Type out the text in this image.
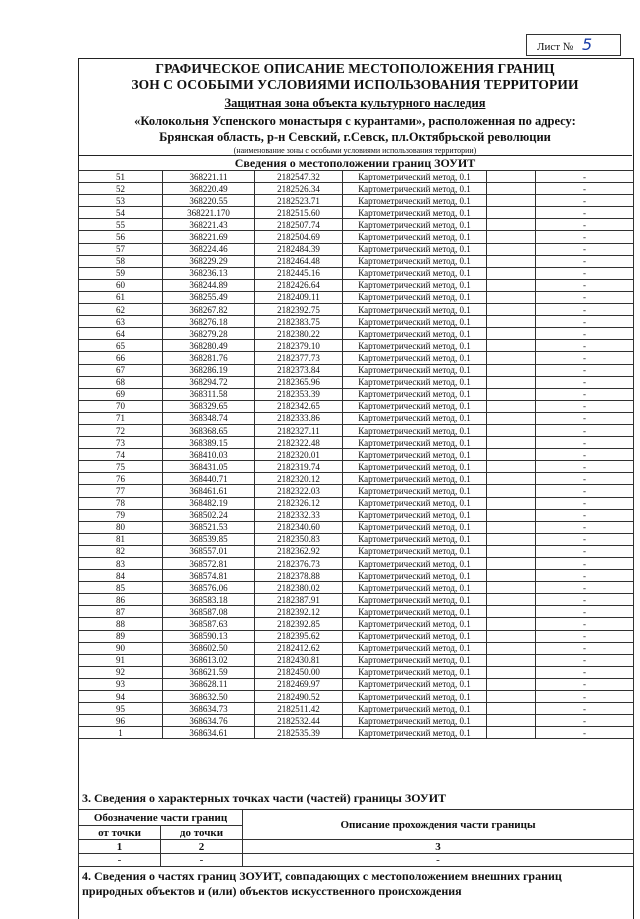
Лист № 5
ГРАФИЧЕСКОЕ ОПИСАНИЕ МЕСТОПОЛОЖЕНИЯ ГРАНИЦ
ЗОН С ОСОБЫМИ УСЛОВИЯМИ ИСПОЛЬЗОВАНИЯ ТЕРРИТОРИИ
Защитная зона объекта культурного наследия
«Колокольня Успенского монастыря с курантами», расположенная по адресу:
Брянская область, р-н Севский, г.Севск, пл.Октябрьской революции
(наименование зоны с особыми условиями использования территории)
Сведения о местоположении границ ЗОУИТ
51	368221.11	2182547.32	Картометрический метод, 0.1		-
52	368220.49	2182526.34	Картометрический метод, 0.1		-
53	368220.55	2182523.71	Картометрический метод, 0.1		-
54	368221.170	2182515.60	Картометрический метод, 0.1		-
55	368221.43	2182507.74	Картометрический метод, 0.1		-
56	368221.69	2182504.69	Картометрический метод, 0.1		-
57	368224.46	2182484.39	Картометрический метод, 0.1		-
58	368229.29	2182464.48	Картометрический метод, 0.1		-
59	368236.13	2182445.16	Картометрический метод, 0.1		-
60	368244.89	2182426.64	Картометрический метод, 0.1		-
61	368255.49	2182409.11	Картометрический метод, 0.1		-
62	368267.82	2182392.75	Картометрический метод, 0.1		-
63	368276.18	2182383.75	Картометрический метод, 0.1		-
64	368279.28	2182380.22	Картометрический метод, 0.1		-
65	368280.49	2182379.10	Картометрический метод, 0.1		-
66	368281.76	2182377.73	Картометрический метод, 0.1		-
67	368286.19	2182373.84	Картометрический метод, 0.1		-
68	368294.72	2182365.96	Картометрический метод, 0.1		-
69	368311.58	2182353.39	Картометрический метод, 0.1		-
70	368329.65	2182342.65	Картометрический метод, 0.1		-
71	368348.74	2182333.86	Картометрический метод, 0.1		-
72	368368.65	2182327.11	Картометрический метод, 0.1		-
73	368389.15	2182322.48	Картометрический метод, 0.1		-
74	368410.03	2182320.01	Картометрический метод, 0.1		-
75	368431.05	2182319.74	Картометрический метод, 0.1		-
76	368440.71	2182320.12	Картометрический метод, 0.1		-
77	368461.61	2182322.03	Картометрический метод, 0.1		-
78	368482.19	2182326.12	Картометрический метод, 0.1		-
79	368502.24	2182332.33	Картометрический метод, 0.1		-
80	368521.53	2182340.60	Картометрический метод, 0.1		-
81	368539.85	2182350.83	Картометрический метод, 0.1		-
82	368557.01	2182362.92	Картометрический метод, 0.1		-
83	368572.81	2182376.73	Картометрический метод, 0.1		-
84	368574.81	2182378.88	Картометрический метод, 0.1		-
85	368576.06	2182380.02	Картометрический метод, 0.1		-
86	368583.18	2182387.91	Картометрический метод, 0.1		-
87	368587.08	2182392.12	Картометрический метод, 0.1		-
88	368587.63	2182392.85	Картометрический метод, 0.1		-
89	368590.13	2182395.62	Картометрический метод, 0.1		-
90	368602.50	2182412.62	Картометрический метод, 0.1		-
91	368613.02	2182430.81	Картометрический метод, 0.1		-
92	368621.59	2182450.00	Картометрический метод, 0.1		-
93	368628.11	2182469.97	Картометрический метод, 0.1		-
94	368632.50	2182490.52	Картометрический метод, 0.1		-
95	368634.73	2182511.42	Картометрический метод, 0.1		-
96	368634.76	2182532.44	Картометрический метод, 0.1		-
1	368634.61	2182535.39	Картометрический метод, 0.1		-
3. Сведения о характерных точках части (частей) границы ЗОУИТ
Обозначение части границ		Описание прохождения части границы
от точки	до точки	
1	2	3
-	-	-
4. Сведения о частях границ ЗОУИТ, совпадающих с местоположением внешних границ
природных объектов и (или) объектов искусственного происхождения
